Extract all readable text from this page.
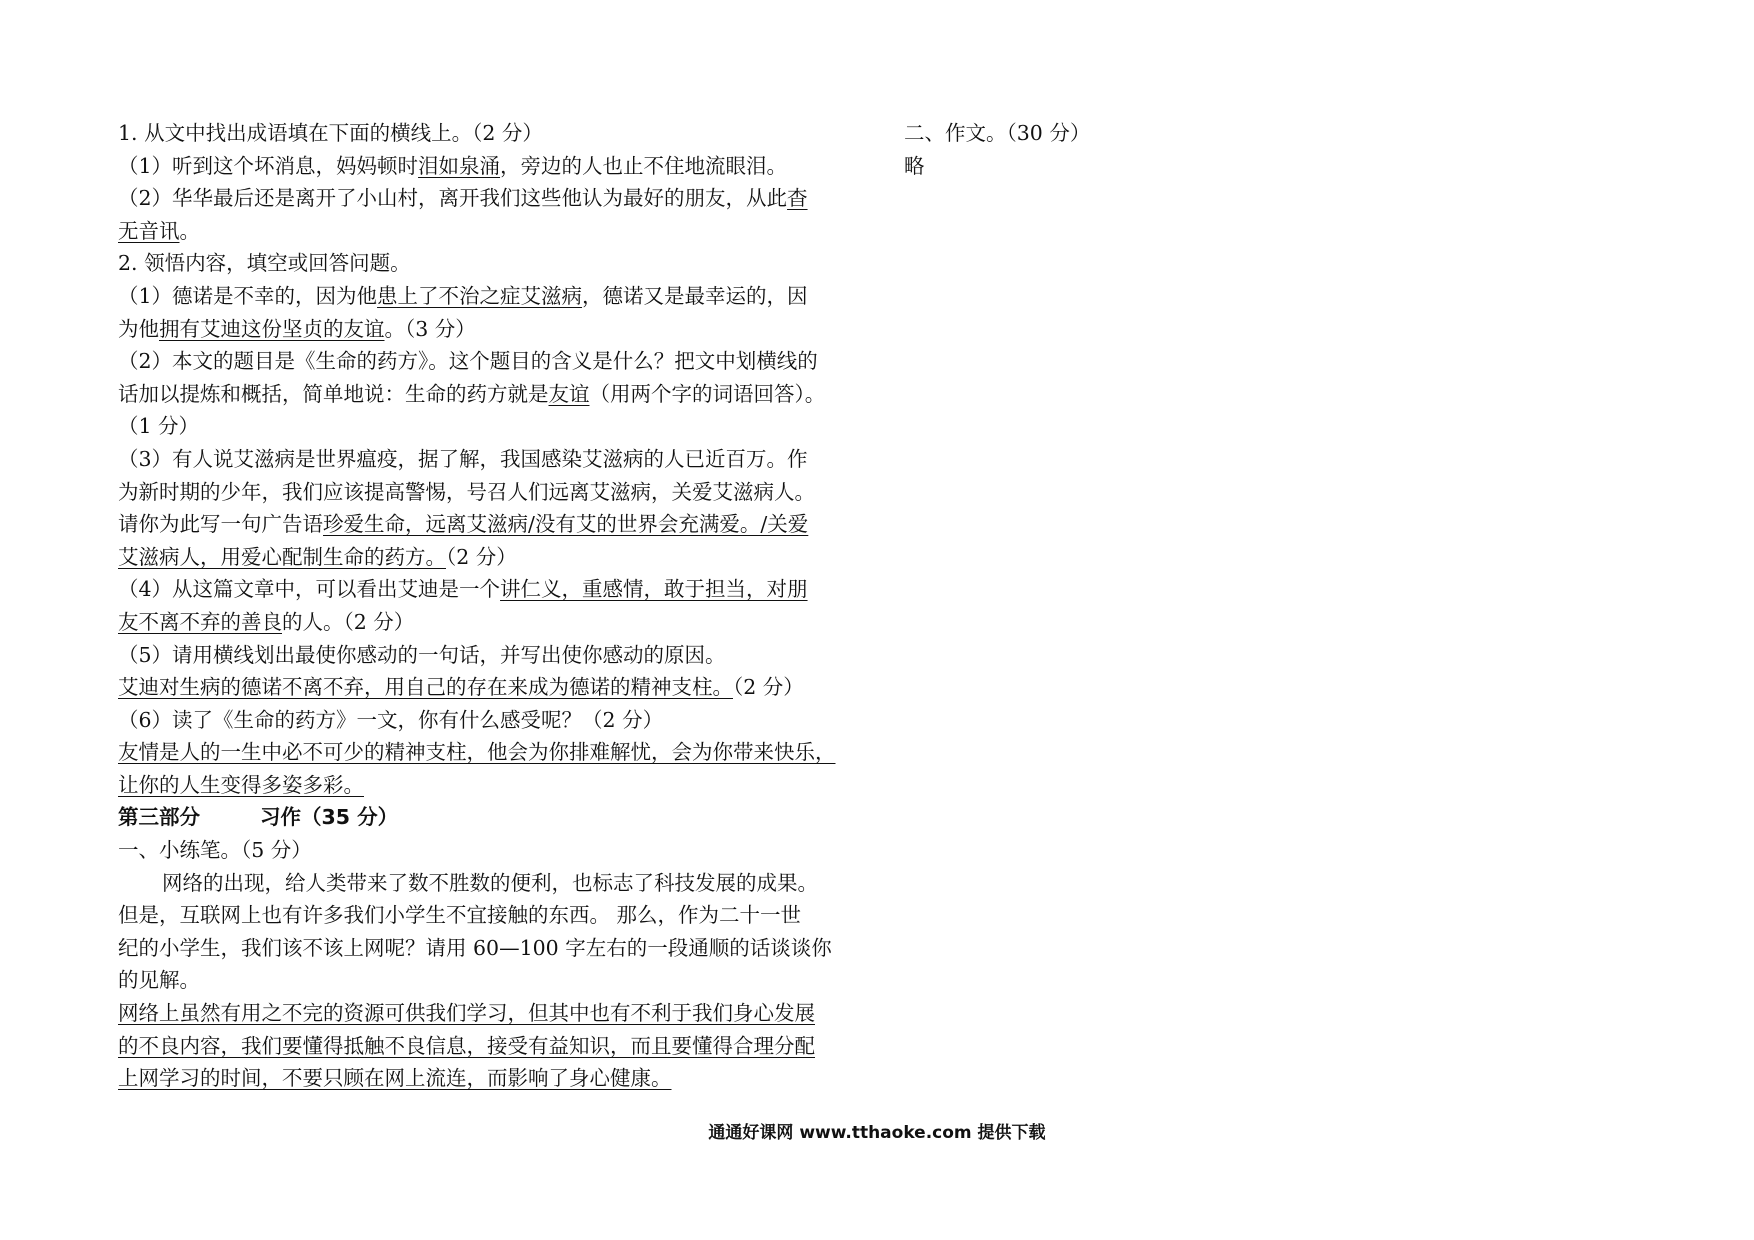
1. 从文中找出成语填在下面的横线上。（2 分）
（1）听到这个坏消息，妈妈顿时泪如泉涌，旁边的人也止不住地流眼泪。
（2）华华最后还是离开了小山村，离开我们这些他认为最好的朋友，从此杳
无音讯。
2. 领悟内容，填空或回答问题。
（1）德诺是不幸的，因为他患上了不治之症艾滋病，德诺又是最幸运的，因
为他拥有艾迪这份坚贞的友谊。（3 分）
（2）本文的题目是《生命的药方》。这个题目的含义是什么？把文中划横线的
话加以提炼和概括，简单地说：生命的药方就是友谊（用两个字的词语回答）。
（1 分）
（3）有人说艾滋病是世界瘟疫，据了解，我国感染艾滋病的人已近百万。作
为新时期的少年，我们应该提高警惕，号召人们远离艾滋病，关爱艾滋病人。
请你为此写一句广告语珍爱生命，远离艾滋病/没有艾的世界会充满爱。/关爱
艾滋病人，用爱心配制生命的药方。（2 分）
（4）从这篇文章中，可以看出艾迪是一个讲仁义，重感情，敢于担当，对朋
友不离不弃的善良的人。（2 分）
（5）请用横线划出最使你感动的一句话，并写出使你感动的原因。
艾迪对生病的德诺不离不弃，用自己的存在来成为德诺的精神支柱。（2 分）
（6）读了《生命的药方》一文，你有什么感受呢？（2 分）
友情是人的一生中必不可少的精神支柱，他会为你排难解忧，会为你带来快乐，
让你的人生变得多姿多彩。
第三部分	习作（35 分）
一、小练笔。（5 分）
网络的出现，给人类带来了数不胜数的便利，也标志了科技发展的成果。
但是，互联网上也有许多我们小学生不宜接触的东西。 那么，作为二十一世
纪的小学生，我们该不该上网呢？请用 60—100 字左右的一段通顺的话谈谈你
的见解。
网络上虽然有用之不完的资源可供我们学习，但其中也有不利于我们身心发展
的不良内容，我们要懂得抵触不良信息，接受有益知识，而且要懂得合理分配
上网学习的时间，不要只顾在网上流连，而影响了身心健康。
二、作文。（30 分）
略
通通好课网 www.tthaoke.com 提供下载
